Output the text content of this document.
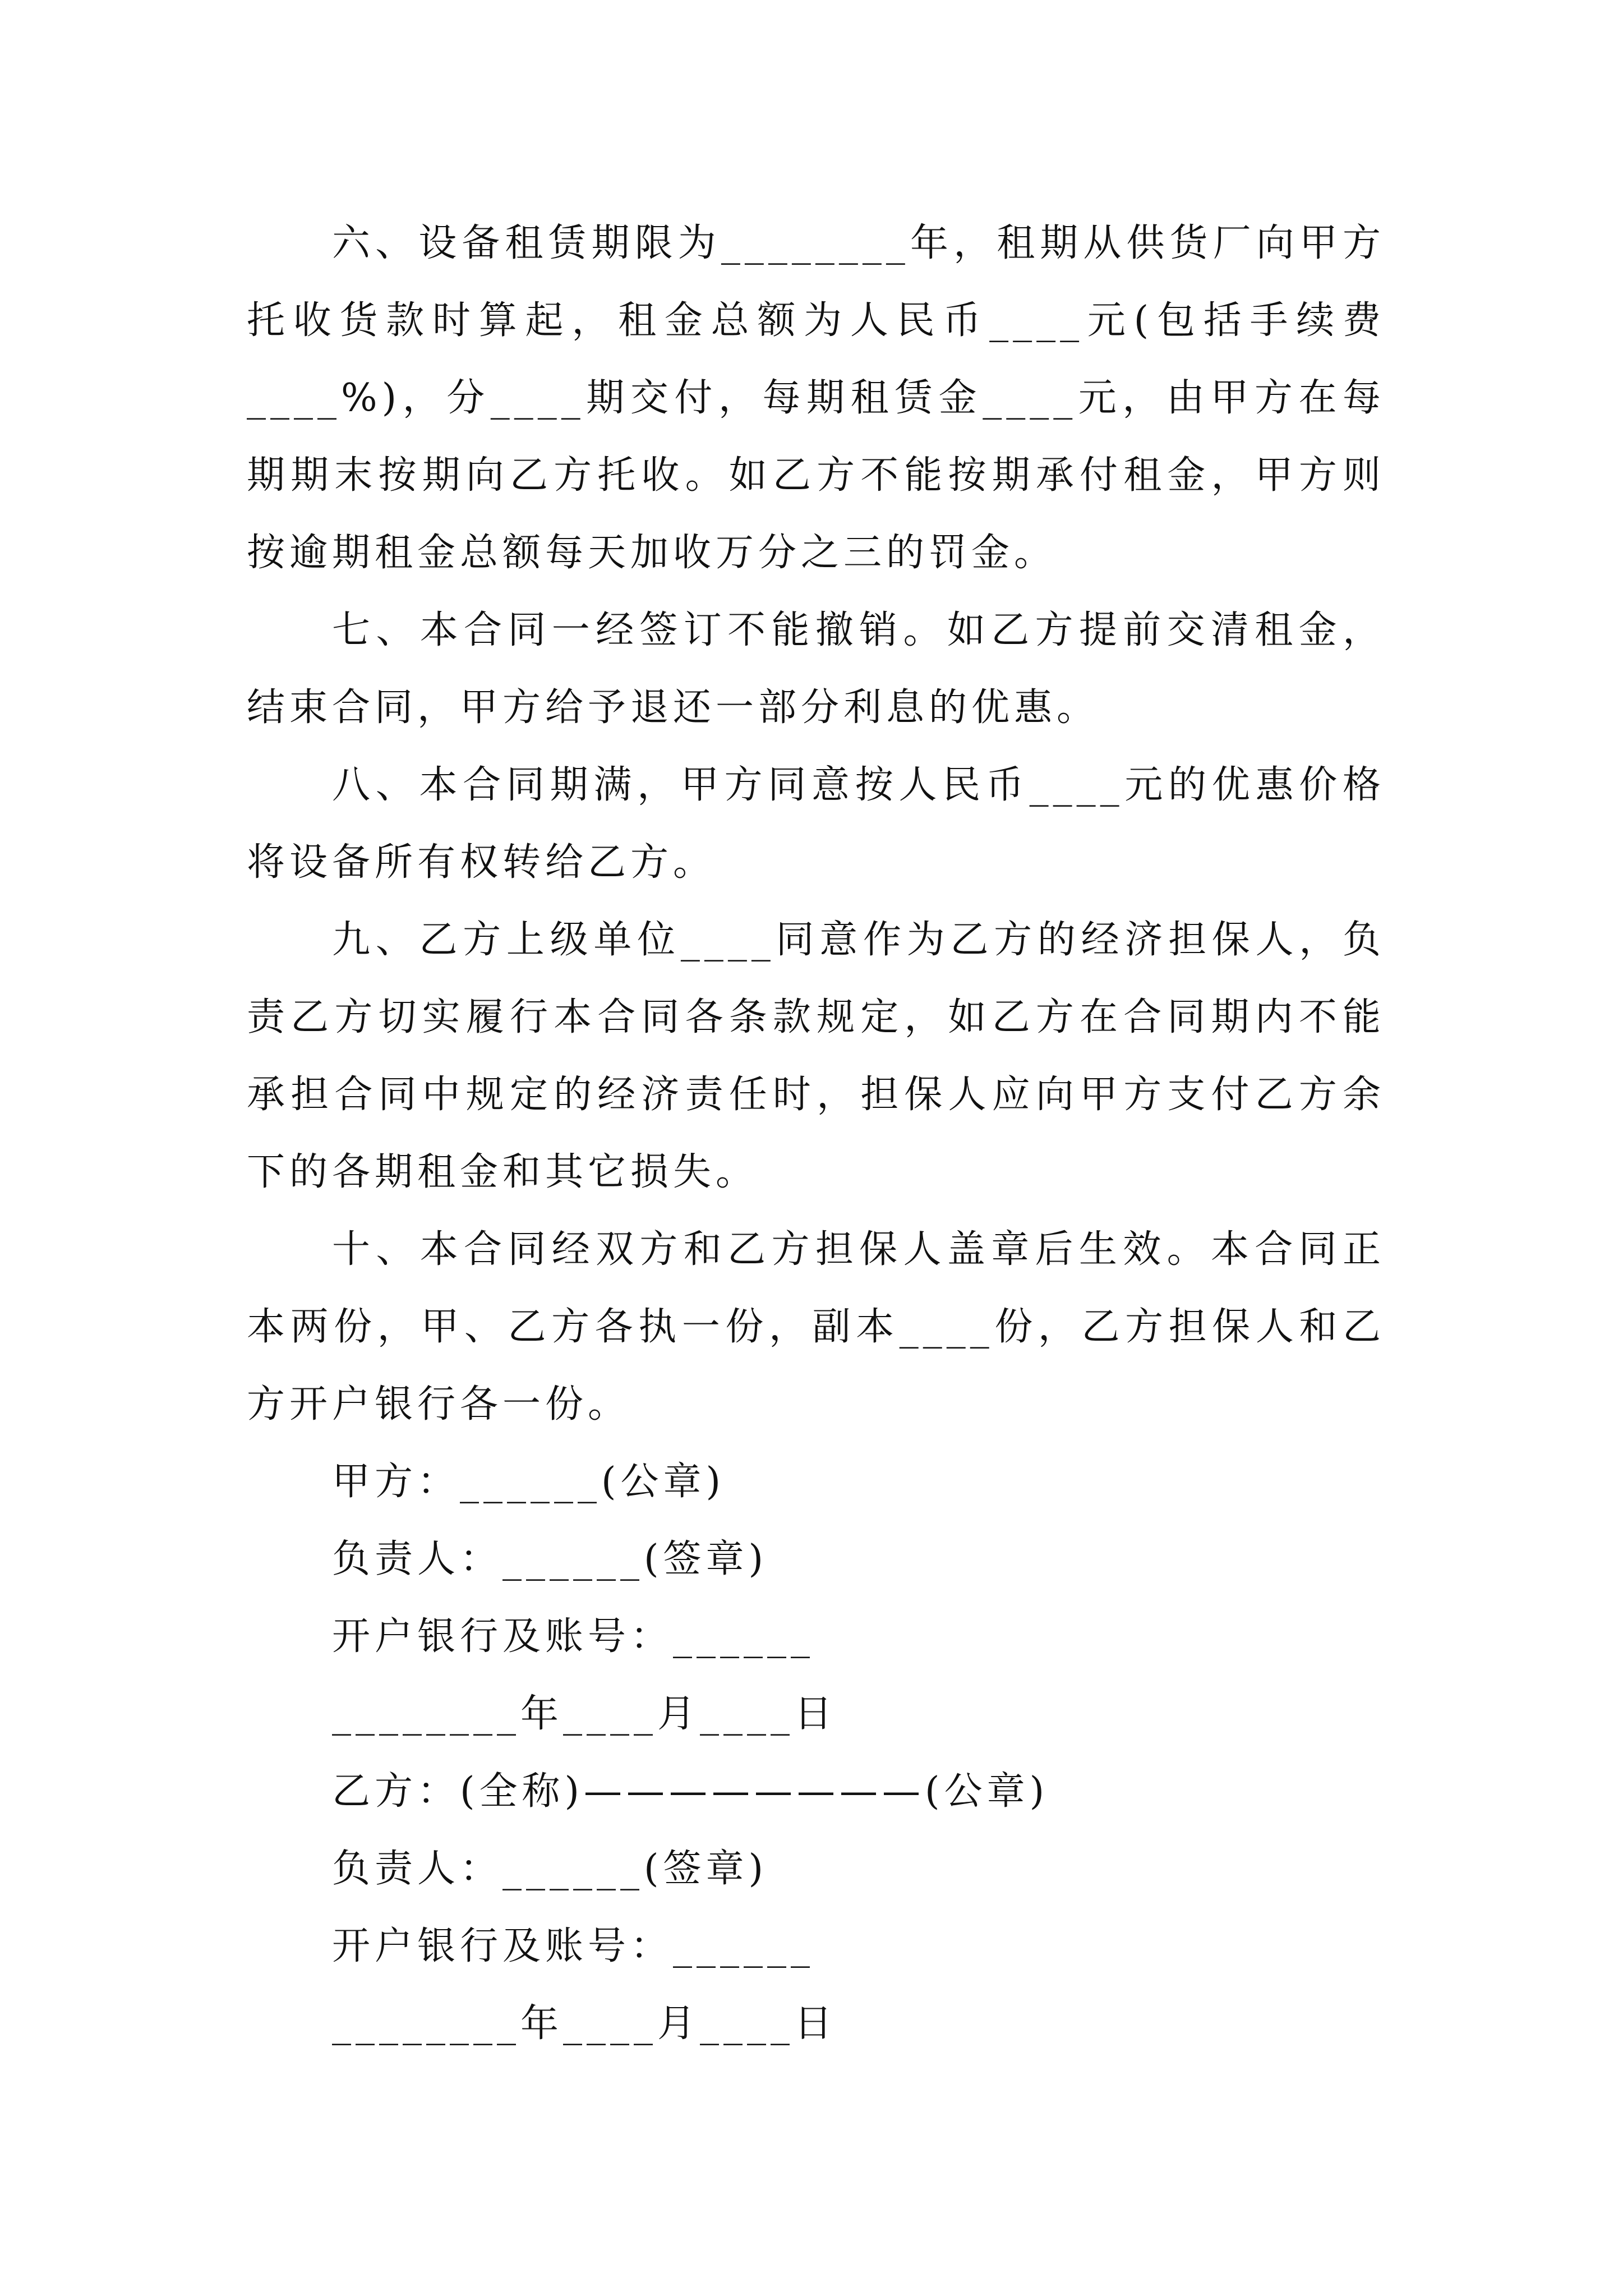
六、设备租赁期限为________年，租期从供货厂向甲方托收货款时算起，租金总额为人民币____元(包括手续费____%)，分____期交付，每期租赁金____元，由甲方在每期期末按期向乙方托收。如乙方不能按期承付租金，甲方则按逾期租金总额每天加收万分之三的罚金。

七、本合同一经签订不能撤销。如乙方提前交清租金，结束合同，甲方给予退还一部分利息的优惠。

八、本合同期满，甲方同意按人民币____元的优惠价格将设备所有权转给乙方。

九、乙方上级单位____同意作为乙方的经济担保人，负责乙方切实履行本合同各条款规定，如乙方在合同期内不能承担合同中规定的经济责任时，担保人应向甲方支付乙方余下的各期租金和其它损失。

十、本合同经双方和乙方担保人盖章后生效。本合同正本两份，甲、乙方各执一份，副本____份，乙方担保人和乙方开户银行各一份。

甲方：______(公章)

负责人：______(签章)

开户银行及账号：______

________年____月____日

乙方：(全称)————————(公章)

负责人：______(签章)

开户银行及账号：______

________年____月____日
